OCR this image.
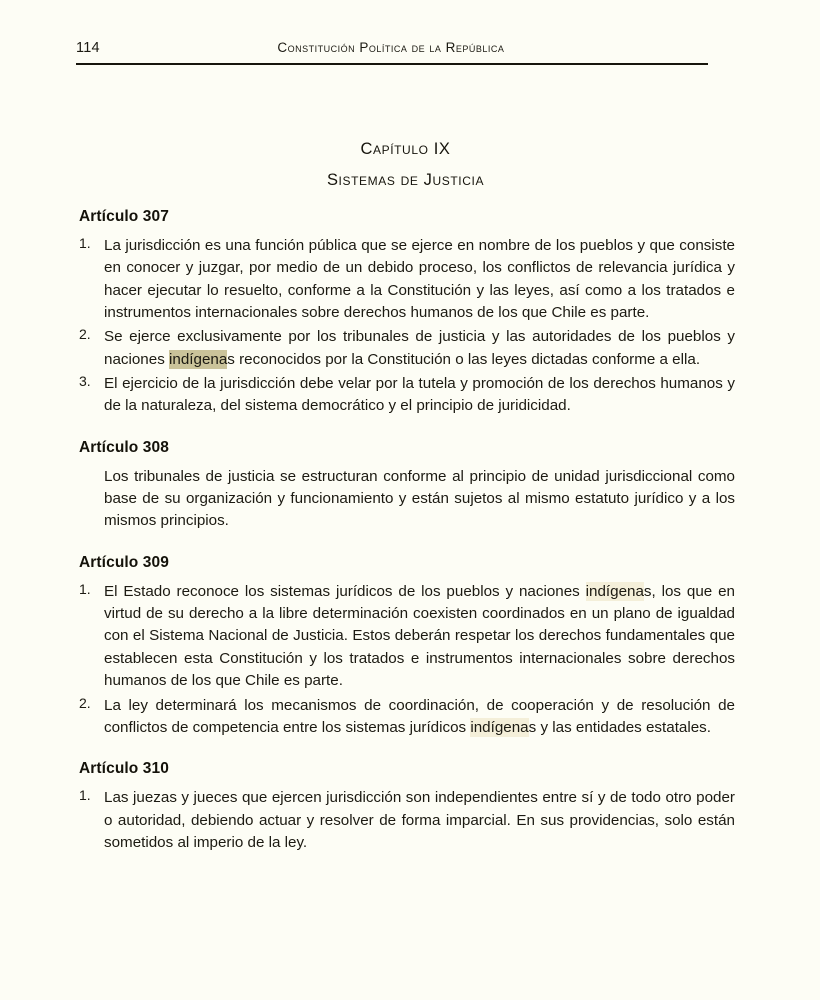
114	Constitución Política de la República
Capítulo IX
Sistemas de Justicia
Artículo 307
1. La jurisdicción es una función pública que se ejerce en nombre de los pueblos y que consiste en conocer y juzgar, por medio de un debido proceso, los conflictos de relevancia jurídica y hacer ejecutar lo resuelto, conforme a la Constitución y las leyes, así como a los tratados e instrumentos internacionales sobre derechos humanos de los que Chile es parte.

2. Se ejerce exclusivamente por los tribunales de justicia y las autoridades de los pueblos y naciones indígenas reconocidos por la Constitución o las leyes dictadas conforme a ella.

3. El ejercicio de la jurisdicción debe velar por la tutela y promoción de los derechos humanos y de la naturaleza, del sistema democrático y el principio de juridicidad.

Artículo 308

Los tribunales de justicia se estructuran conforme al principio de unidad jurisdiccional como base de su organización y funcionamiento y están sujetos al mismo estatuto jurídico y a los mismos principios.

Artículo 309
1. El Estado reconoce los sistemas jurídicos de los pueblos y naciones indígenas, los que en virtud de su derecho a la libre determinación coexisten coordinados en un plano de igualdad con el Sistema Nacional de Justicia. Estos deberán respetar los derechos fundamentales que establecen esta Constitución y los tratados e instrumentos internacionales sobre derechos humanos de los que Chile es parte.

2. La ley determinará los mecanismos de coordinación, de cooperación y de resolución de conflictos de competencia entre los sistemas jurídicos indígenas y las entidades estatales.

Artículo 310
1. Las juezas y jueces que ejercen jurisdicción son independientes entre sí y de todo otro poder o autoridad, debiendo actuar y resolver de forma imparcial. En sus providencias, solo están sometidos al imperio de la ley.
